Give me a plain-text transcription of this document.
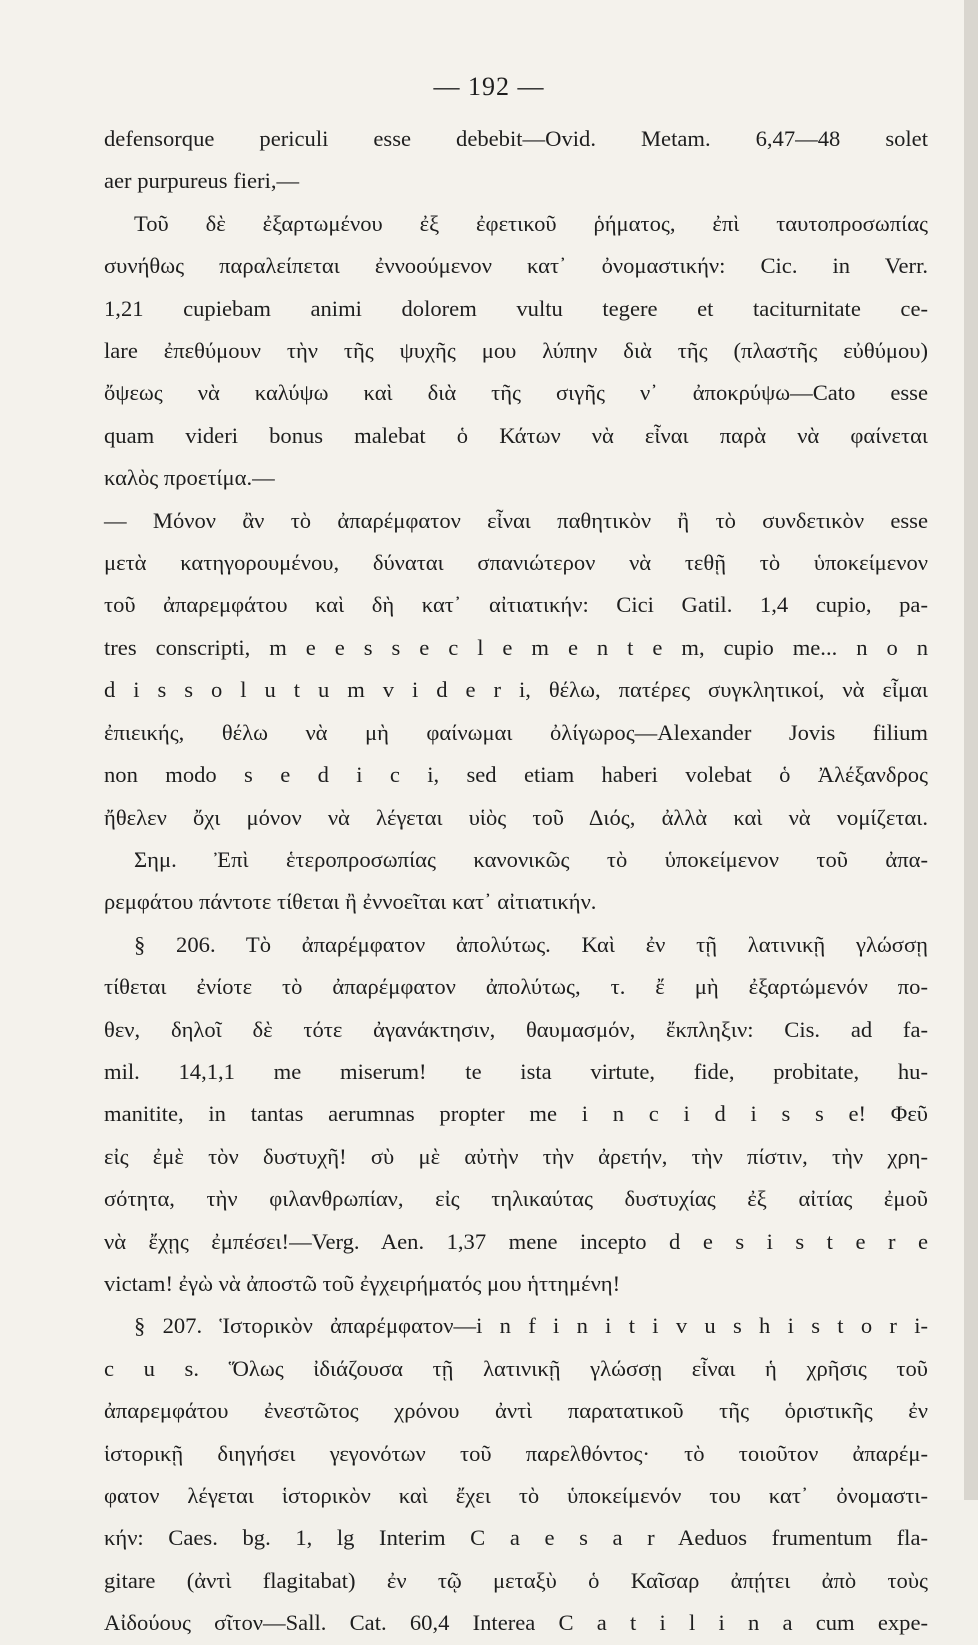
— 192 —
defensorque periculi esse debebit—Ovid. Metam. 6,47—48 solet
aer purpureus fieri,—
Τοῦ δὲ ἐξαρτωμένου ἐξ ἐφετικοῦ ῥήματος, ἐπὶ ταυτοπροσωπίας
συνήθως παραλείπεται ἐννοούμενον κατ᾽ ὀνομαστικήν: Cic. in Verr.
1,21 cupiebam animi dolorem vultu tegere et taciturnitate ce-
lare ἐπεθύμουν τὴν τῆς ψυχῆς μου λύπην διὰ τῆς (πλαστῆς εὐθύμου)
ὄψεως νὰ καλύψω καὶ διὰ τῆς σιγῆς ν᾽ ἀποκρύψω—Cato esse
quam videri bonus malebat ὁ Κάτων νὰ εἶναι παρὰ νὰ φαίνεται
καλὸς προετίμα.—
— Μόνον ἂν τὸ ἀπαρέμφατον εἶναι παθητικὸν ἢ τὸ συνδετικὸν esse
μετὰ κατηγορουμένου, δύναται σπανιώτερον νὰ τεθῇ τὸ ὑποκείμενον
τοῦ ἀπαρεμφάτου καὶ δὴ κατ᾽ αἰτιατικήν: Cici Gatil. 1,4 cupio, pa-
tres conscripti, m e e s s e c l e m e n t e m, cupio me... n o n
d i s s o l u t u m v i d e r i, θέλω, πατέρες συγκλητικοί, νὰ εἶμαι
ἐπιεικής, θέλω νὰ μὴ φαίνωμαι ὀλίγωρος—Alexander Jovis filium
non modo s e d i c i, sed etiam haberi volebat ὁ Ἀλέξανδρος
ἤθελεν ὄχι μόνον νὰ λέγεται υἱὸς τοῦ Διός, ἀλλὰ καὶ νὰ νομίζεται.
Σημ. Ἐπὶ ἑτεροπροσωπίας κανονικῶς τὸ ὑποκείμενον τοῦ ἀπα-
ρεμφάτου πάντοτε τίθεται ἢ ἐννοεῖται κατ᾽ αἰτιατικήν.
§ 206. Τὸ ἀπαρέμφατον ἀπολύτως. Καὶ ἐν τῇ λατινικῇ γλώσσῃ
τίθεται ἐνίοτε τὸ ἀπαρέμφατον ἀπολύτως, τ. ἔ μὴ ἐξαρτώμενόν πο-
θεν, δηλοῖ δὲ τότε ἀγανάκτησιν, θαυμασμόν, ἔκπληξιν: Cis. ad fa-
mil. 14,1,1 me miserum! te ista virtute, fide, probitate, hu-
manitite, in tantas aerumnas propter me i n c i d i s s e! Φεῦ
εἰς ἐμὲ τὸν δυστυχῆ! σὺ μὲ αὐτὴν τὴν ἀρετήν, τὴν πίστιν, τὴν χρη-
σότητα, τὴν φιλανθρωπίαν, εἰς τηλικαύτας δυστυχίας ἐξ αἰτίας ἐμοῦ
νὰ ἔχῃς ἐμπέσει!—Verg. Aen. 1,37 mene incepto d e s i s t e r e
victam! ἐγὼ νὰ ἀποστῶ τοῦ ἐγχειρήματός μου ἡττημένη!
§ 207. Ἱστορικὸν ἀπαρέμφατον—i n f i n i t i v u s h i s t o r i-
c u s. Ὅλως ἰδιάζουσα τῇ λατινικῇ γλώσσῃ εἶναι ἡ χρῆσις τοῦ
ἀπαρεμφάτου ἐνεστῶτος χρόνου ἀντὶ παρατατικοῦ τῆς ὁριστικῆς ἐν
ἱστορικῇ διηγήσει γεγονότων τοῦ παρελθόντος· τὸ τοιοῦτον ἀπαρέμ-
φατον λέγεται ἱστορικὸν καὶ ἔχει τὸ ὑποκείμενόν του κατ᾽ ὀνομαστι-
κήν: Caes. bg. 1, lg Interim C a e s a r Aeduos frumentum fla-
gitare (ἀντὶ flagitabat) ἐν τῷ μεταξὺ ὁ Καῖσαρ ἀπῄτει ἀπὸ τοὺς
Αἰδούους σῖτον—Sall. Cat. 60,4 Interea C a t i l i n a cum expe-
